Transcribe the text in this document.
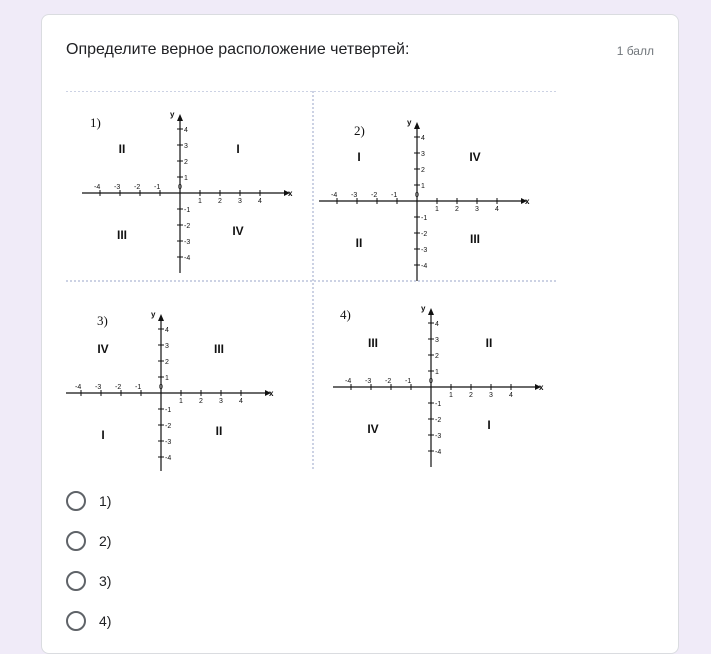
Определите верное расположение четвертей:	1 балл
x
y
-4 -3 -2 -1	0
1 2 3 4
4
3
2
1
-1
-2
-3
-4
1)
II	I
III	IV
x
y
-4 -3 -2 -1	0
1 2 3 4
4
3
2
1
-1
-2
-3
-4
2)
I	IV
II	III
x
y
-4 -3 -2 -1	0
1 2 3 4
4
3
2
1
-1
-2
-3
-4
3)
IV	III
I	II
x
y
-4 -3 -2 -1	0
1 2 3 4
4
3
2
1
-1
-2
-3
-4
4)
III	II
IV	I
1)
2)
3)
4)
